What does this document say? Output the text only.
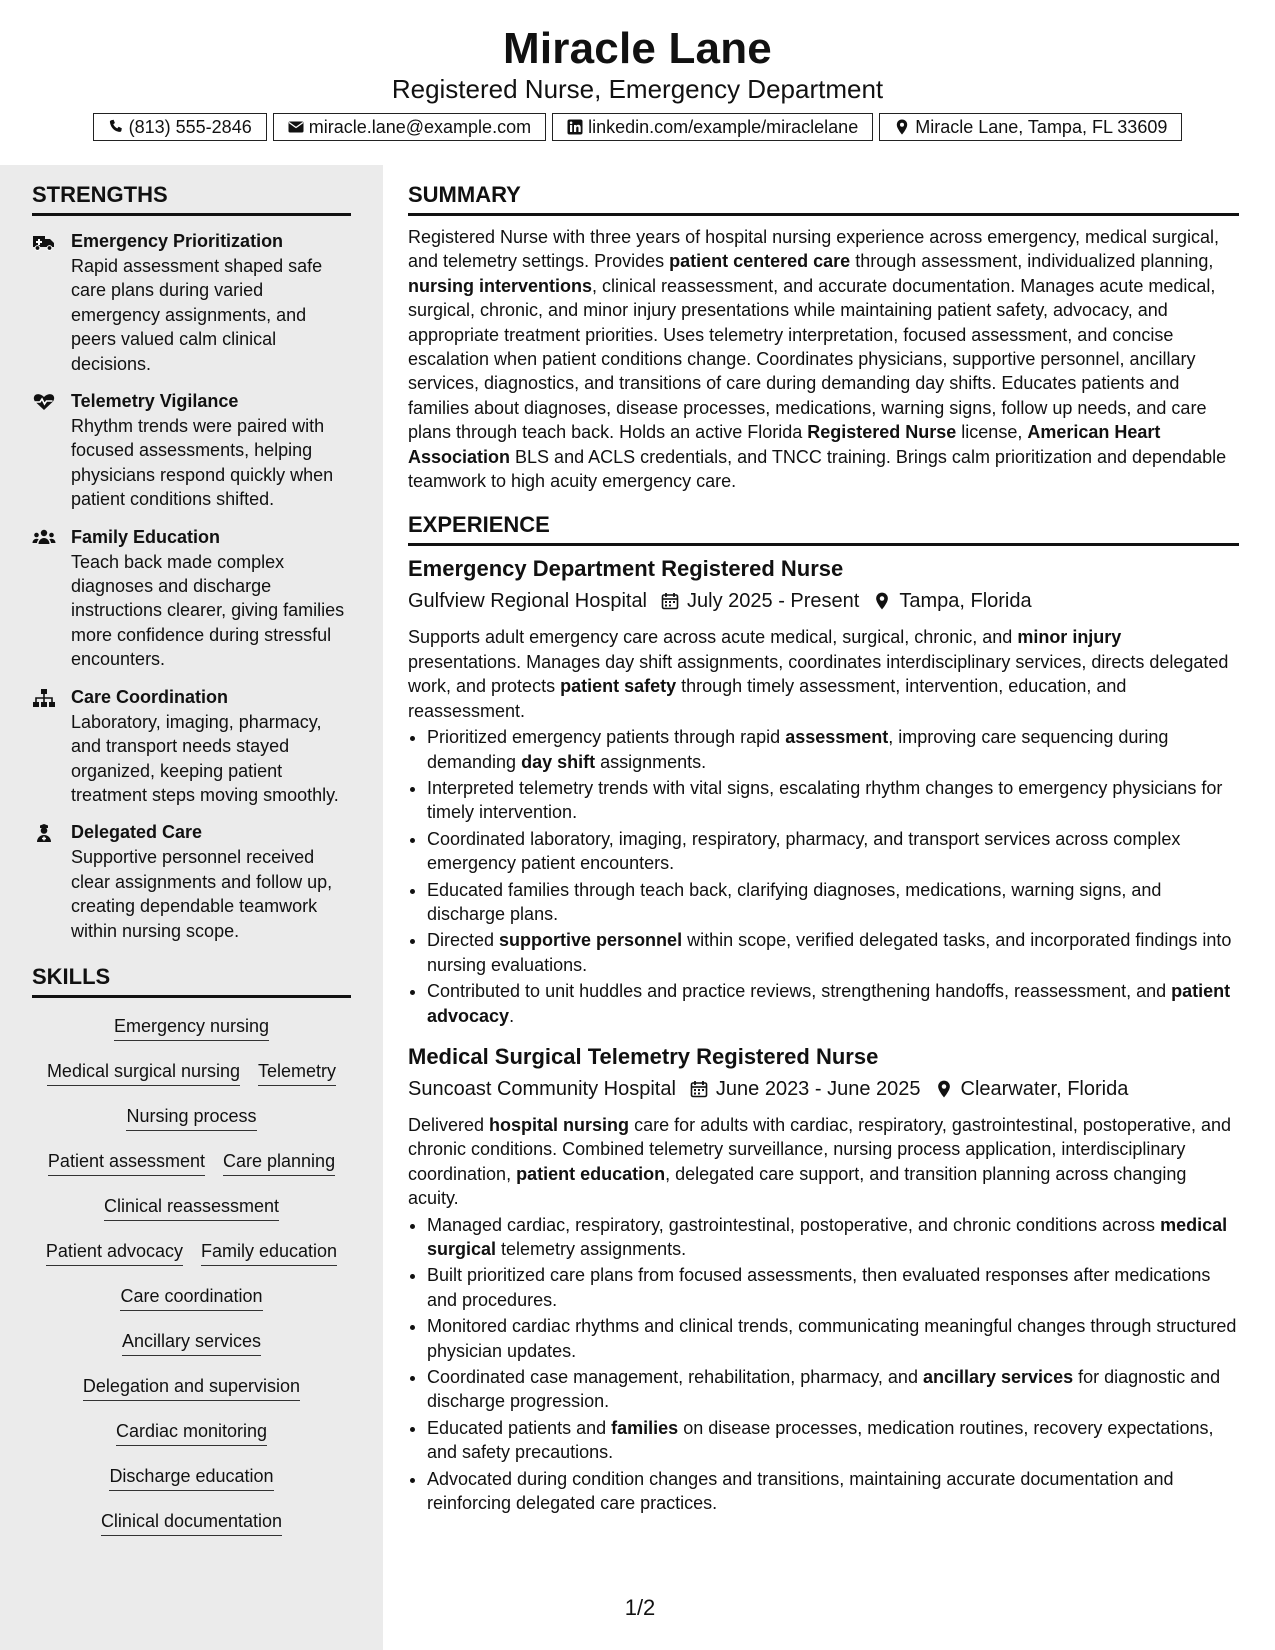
Miracle Lane
Registered Nurse, Emergency Department
(813) 555-2846	miracle.lane@example.com	linkedin.com/example/miraclelane	Miracle Lane, Tampa, FL 33609
STRENGTHS
Emergency Prioritization
Rapid assessment shaped safe care plans during varied emergency assignments, and peers valued calm clinical decisions.
Telemetry Vigilance
Rhythm trends were paired with focused assessments, helping physicians respond quickly when patient conditions shifted.
Family Education
Teach back made complex diagnoses and discharge instructions clearer, giving families more confidence during stressful encounters.
Care Coordination
Laboratory, imaging, pharmacy, and transport needs stayed organized, keeping patient treatment steps moving smoothly.
Delegated Care
Supportive personnel received clear assignments and follow up, creating dependable teamwork within nursing scope.
SKILLS
Emergency nursing
Medical surgical nursing Telemetry
Nursing process
Patient assessment Care planning
Clinical reassessment
Patient advocacy Family education
Care coordination
Ancillary services
Delegation and supervision
Cardiac monitoring
Discharge education
Clinical documentation
SUMMARY
Registered Nurse with three years of hospital nursing experience across emergency, medical surgical, and telemetry settings. Provides patient centered care through assessment, individualized planning, nursing interventions, clinical reassessment, and accurate documentation. Manages acute medical, surgical, chronic, and minor injury presentations while maintaining patient safety, advocacy, and appropriate treatment priorities. Uses telemetry interpretation, focused assessment, and concise escalation when patient conditions change. Coordinates physicians, supportive personnel, ancillary services, diagnostics, and transitions of care during demanding day shifts. Educates patients and families about diagnoses, disease processes, medications, warning signs, follow up needs, and care plans through teach back. Holds an active Florida Registered Nurse license, American Heart Association BLS and ACLS credentials, and TNCC training. Brings calm prioritization and dependable teamwork to high acuity emergency care.
EXPERIENCE
Emergency Department Registered Nurse
Gulfview Regional Hospital July 2025 - Present Tampa, Florida
Supports adult emergency care across acute medical, surgical, chronic, and minor injury presentations. Manages day shift assignments, coordinates interdisciplinary services, directs delegated work, and protects patient safety through timely assessment, intervention, education, and reassessment.
• Prioritized emergency patients through rapid assessment, improving care sequencing during demanding day shift assignments.
• Interpreted telemetry trends with vital signs, escalating rhythm changes to emergency physicians for timely intervention.
• Coordinated laboratory, imaging, respiratory, pharmacy, and transport services across complex emergency patient encounters.
• Educated families through teach back, clarifying diagnoses, medications, warning signs, and discharge plans.
• Directed supportive personnel within scope, verified delegated tasks, and incorporated findings into nursing evaluations.
• Contributed to unit huddles and practice reviews, strengthening handoffs, reassessment, and patient advocacy.
Medical Surgical Telemetry Registered Nurse
Suncoast Community Hospital June 2023 - June 2025 Clearwater, Florida
Delivered hospital nursing care for adults with cardiac, respiratory, gastrointestinal, postoperative, and chronic conditions. Combined telemetry surveillance, nursing process application, interdisciplinary coordination, patient education, delegated care support, and transition planning across changing acuity.
• Managed cardiac, respiratory, gastrointestinal, postoperative, and chronic conditions across medical surgical telemetry assignments.
• Built prioritized care plans from focused assessments, then evaluated responses after medications and procedures.
• Monitored cardiac rhythms and clinical trends, communicating meaningful changes through structured physician updates.
• Coordinated case management, rehabilitation, pharmacy, and ancillary services for diagnostic and discharge progression.
• Educated patients and families on disease processes, medication routines, recovery expectations, and safety precautions.
• Advocated during condition changes and transitions, maintaining accurate documentation and reinforcing delegated care practices.
1/2
